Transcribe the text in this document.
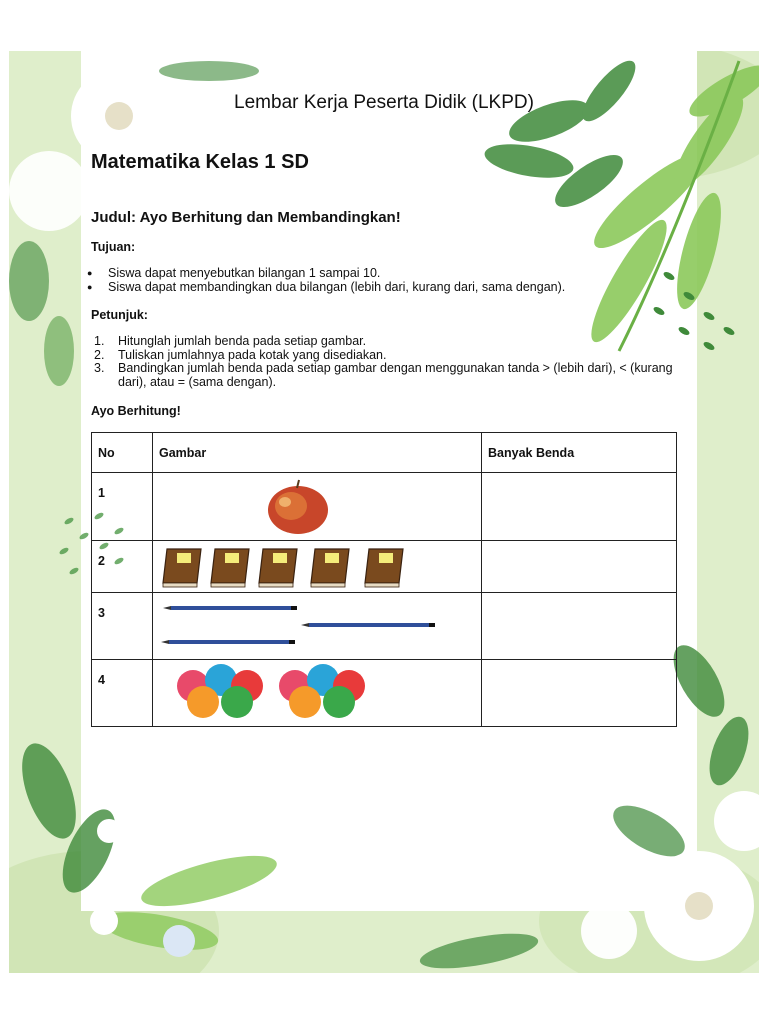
Lembar Kerja Peserta Didik (LKPD)
Matematika Kelas 1 SD
Judul: Ayo Berhitung dan Membandingkan!
Tujuan:
● Siswa dapat menyebutkan bilangan 1 sampai 10.
● Siswa dapat membandingkan dua bilangan (lebih dari, kurang dari, sama dengan).
Petunjuk:
1. Hitunglah jumlah benda pada setiap gambar.
2. Tuliskan jumlahnya pada kotak yang disediakan.
3. Bandingkan jumlah benda pada setiap gambar dengan menggunakan tanda > (lebih dari), < (kurang dari), atau = (sama dengan).
Ayo Berhitung!
No	Gambar	Banyak Benda

1

2

3

4
